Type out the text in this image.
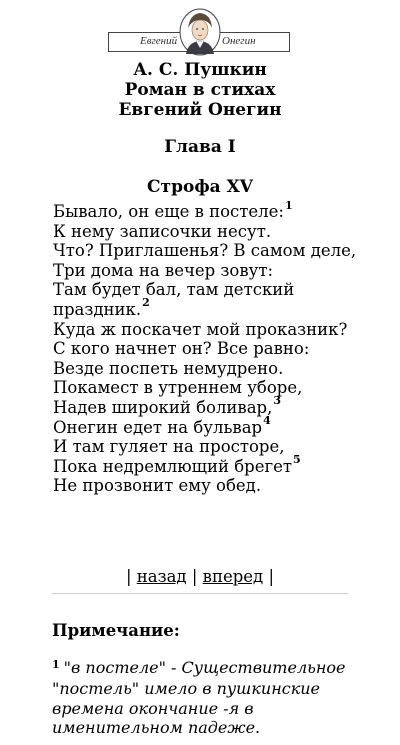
Евгений	Онегин
А. С. Пушкин
Роман в стихах
Евгений Онегин
Глава I
Строфа XV
Бывало, он еще в постеле:$^1$
К нему записочки несут.
Что? Приглашенья? В самом деле,
Три дома на вечер зовут:
Там будет бал, там детский
праздник.$^2$
Куда ж поскачет мой проказник?
С кого начнет он? Все равно:
Везде поспеть немудрено.
Покамест в утреннем уборе,
Надев широкий боливар,$^3$
Онегин едет на бульвар$^4$
И там гуляет на просторе,
Пока недремлющий брегет$^5$
Не прозвонит ему обед.
| назад | вперед |
Примечание:
$^1$ "в постеле" - Существительное
"постель" имело в пушкинские
времена окончание -я в
именительном падеже.
